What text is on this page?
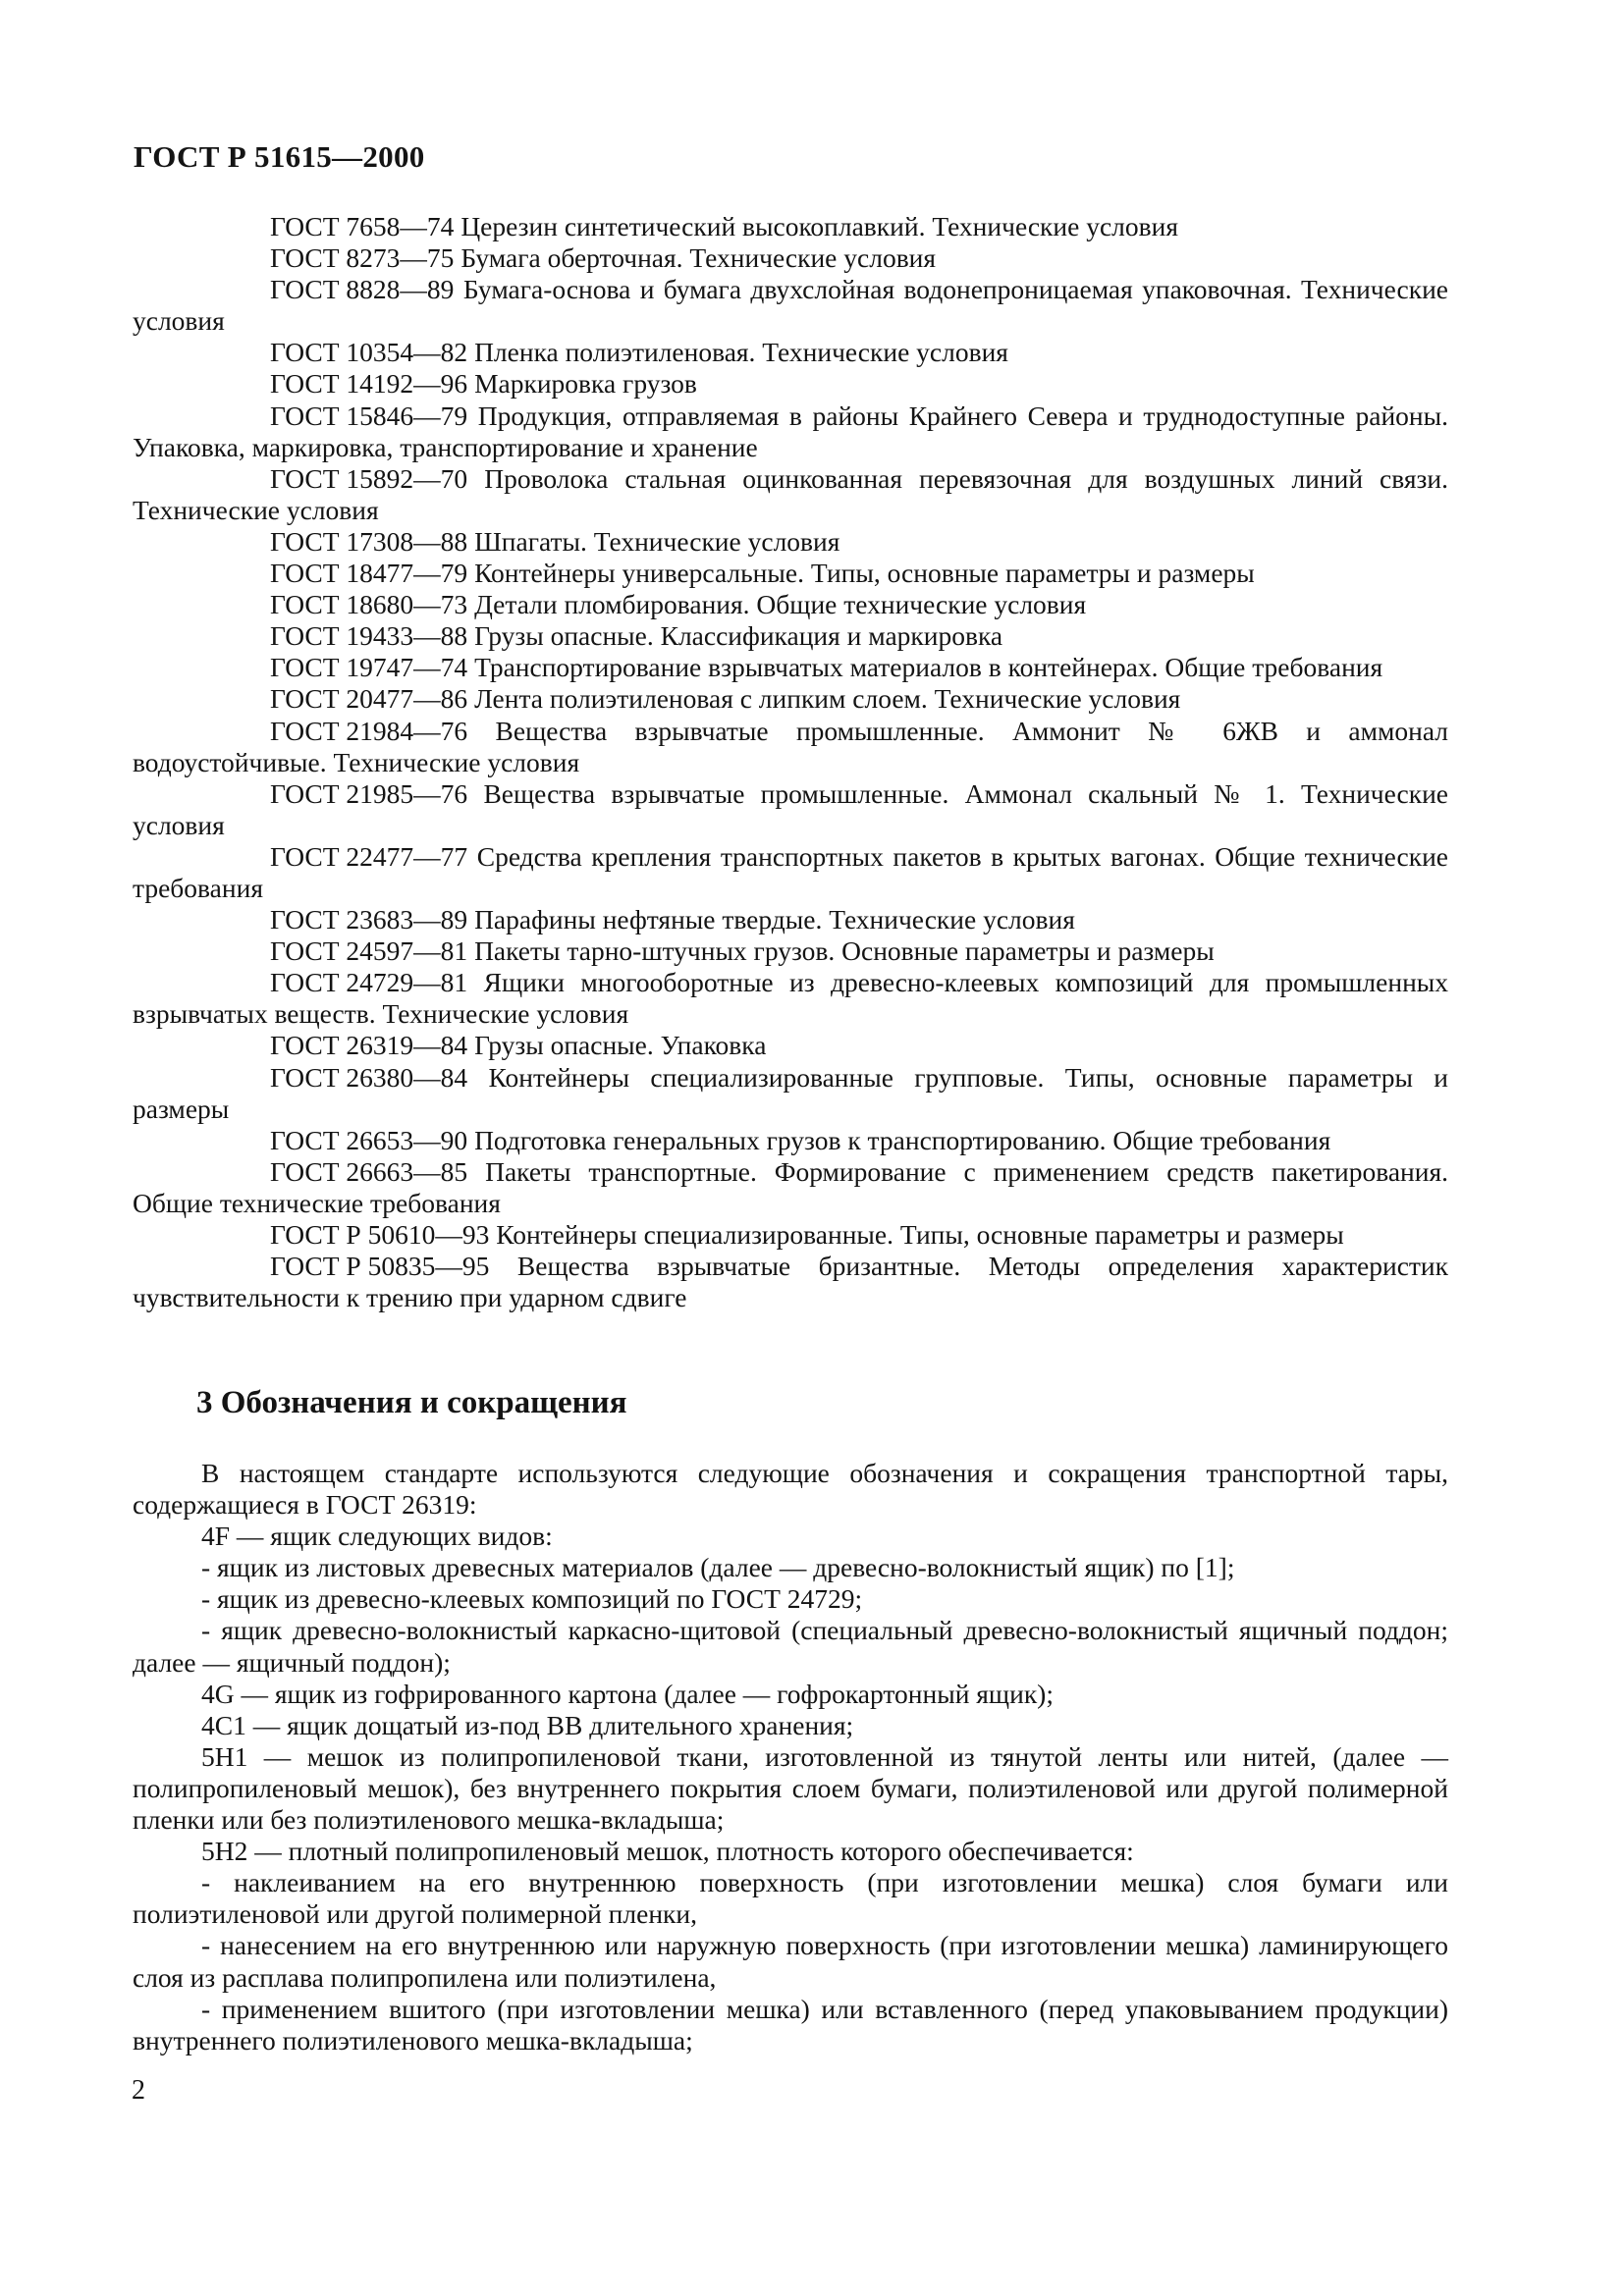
ГОСТ Р 51615—2000

ГОСТ 7658—74 Церезин синтетический высокоплавкий. Технические условия

ГОСТ 8273—75 Бумага оберточная. Технические условия

ГОСТ 8828—89 Бумага-основа и бумага двухслойная водонепроницаемая упаковочная. Технические условия

ГОСТ 10354—82 Пленка полиэтиленовая. Технические условия

ГОСТ 14192—96 Маркировка грузов

ГОСТ 15846—79 Продукция, отправляемая в районы Крайнего Севера и труднодоступные районы. Упаковка, маркировка, транспортирование и хранение

ГОСТ 15892—70 Проволока стальная оцинкованная перевязочная для воздушных линий связи. Технические условия

ГОСТ 17308—88 Шпагаты. Технические условия

ГОСТ 18477—79 Контейнеры универсальные. Типы, основные параметры и размеры

ГОСТ 18680—73 Детали пломбирования. Общие технические условия

ГОСТ 19433—88 Грузы опасные. Классификация и маркировка

ГОСТ 19747—74 Транспортирование взрывчатых материалов в контейнерах. Общие требования

ГОСТ 20477—86 Лента полиэтиленовая с липким слоем. Технические условия

ГОСТ 21984—76 Вещества взрывчатые промышленные. Аммонит № 6ЖВ и аммонал водоустойчивые. Технические условия

ГОСТ 21985—76 Вещества взрывчатые промышленные. Аммонал скальный № 1. Технические условия

ГОСТ 22477—77 Средства крепления транспортных пакетов в крытых вагонах. Общие технические требования

ГОСТ 23683—89 Парафины нефтяные твердые. Технические условия

ГОСТ 24597—81 Пакеты тарно-штучных грузов. Основные параметры и размеры

ГОСТ 24729—81 Ящики многооборотные из древесно-клеевых композиций для промышленных взрывчатых веществ. Технические условия

ГОСТ 26319—84 Грузы опасные. Упаковка

ГОСТ 26380—84 Контейнеры специализированные групповые. Типы, основные параметры и размеры

ГОСТ 26653—90 Подготовка генеральных грузов к транспортированию. Общие требования

ГОСТ 26663—85 Пакеты транспортные. Формирование с применением средств пакетирования. Общие технические требования

ГОСТ Р 50610—93 Контейнеры специализированные. Типы, основные параметры и размеры

ГОСТ Р 50835—95 Вещества взрывчатые бризантные. Методы определения характеристик чувствительности к трению при ударном сдвиге

3 Обозначения и сокращения

В настоящем стандарте используются следующие обозначения и сокращения транспортной тары, содержащиеся в ГОСТ 26319:

4F — ящик следующих видов:

- ящик из листовых древесных материалов (далее — древесно-волокнистый ящик) по [1];

- ящик из древесно-клеевых композиций по ГОСТ 24729;

- ящик древесно-волокнистый каркасно-щитовой (специальный древесно-волокнистый ящичный поддон; далее — ящичный поддон);

4G — ящик из гофрированного картона (далее — гофрокартонный ящик);

4C1 — ящик дощатый из-под ВВ длительного хранения;

5H1 — мешок из полипропиленовой ткани, изготовленной из тянутой ленты или нитей, (далее — полипропиленовый мешок), без внутреннего покрытия слоем бумаги, полиэтиленовой или другой полимерной пленки или без полиэтиленового мешка-вкладыша;

5H2 — плотный полипропиленовый мешок, плотность которого обеспечивается:

- наклеиванием на его внутреннюю поверхность (при изготовлении мешка) слоя бумаги или полиэтиленовой или другой полимерной пленки,

- нанесением на его внутреннюю или наружную поверхность (при изготовлении мешка) ламинирующего слоя из расплава полипропилена или полиэтилена,

- применением вшитого (при изготовлении мешка) или вставленного (перед упаковыванием продукции) внутреннего полиэтиленового мешка-вкладыша;

2
